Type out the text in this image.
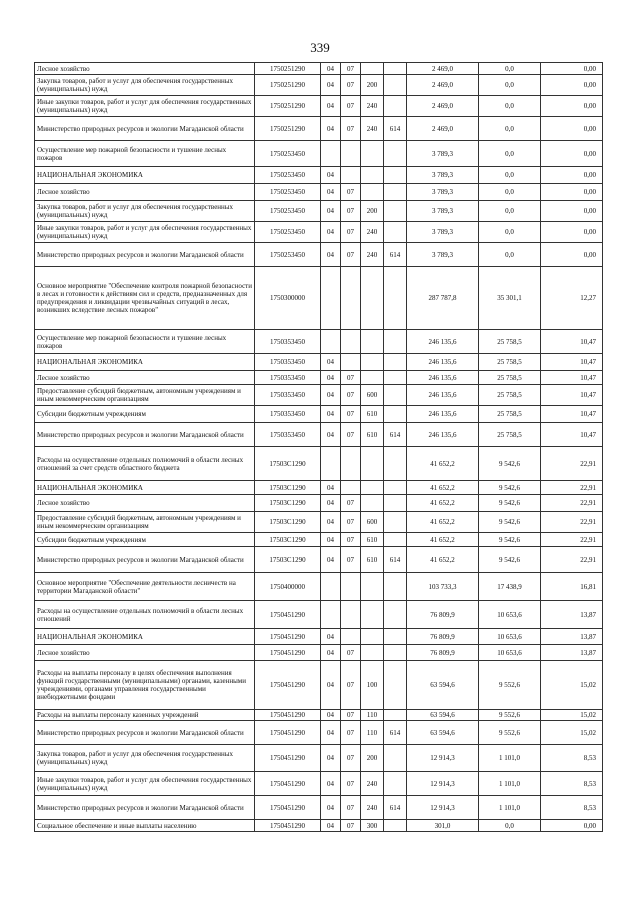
339
Лесное хозяйство	1750251290	04	07			2 469,0	0,0	0,00
Закупка товаров, работ и услуг для обеспечения государственных (муниципальных) нужд	1750251290	04	07	200		2 469,0	0,0	0,00
Иные закупки товаров, работ и услуг для обеспечения государственных (муниципальных) нужд	1750251290	04	07	240		2 469,0	0,0	0,00
Министерство природных ресурсов и экологии Магаданской области	1750251290	04	07	240	614	2 469,0	0,0	0,00
Осуществление мер пожарной безопасности и тушение лесных пожаров	1750253450					3 789,3	0,0	0,00
НАЦИОНАЛЬНАЯ ЭКОНОМИКА	1750253450	04				3 789,3	0,0	0,00
Лесное хозяйство	1750253450	04	07			3 789,3	0,0	0,00
Закупка товаров, работ и услуг для обеспечения государственных (муниципальных) нужд	1750253450	04	07	200		3 789,3	0,0	0,00
Иные закупки товаров, работ и услуг для обеспечения государственных (муниципальных) нужд	1750253450	04	07	240		3 789,3	0,0	0,00
Министерство природных ресурсов и экологии Магаданской области	1750253450	04	07	240	614	3 789,3	0,0	0,00
Основное мероприятие "Обеспечение контроля пожарной безопасности в лесах и готовности к действиям сил и средств, предназначенных для предупреждения и ликвидации чрезвычайных ситуаций в лесах, возникших вследствие лесных пожаров"	1750300000					287 787,8	35 301,1	12,27
Осуществление мер пожарной безопасности и тушение лесных пожаров	1750353450					246 135,6	25 758,5	10,47
НАЦИОНАЛЬНАЯ ЭКОНОМИКА	1750353450	04				246 135,6	25 758,5	10,47
Лесное хозяйство	1750353450	04	07			246 135,6	25 758,5	10,47
Предоставление субсидий бюджетным, автономным учреждениям и иным некоммерческим организациям	1750353450	04	07	600		246 135,6	25 758,5	10,47
Субсидии бюджетным учреждениям	1750353450	04	07	610		246 135,6	25 758,5	10,47
Министерство природных ресурсов и экологии Магаданской области	1750353450	04	07	610	614	246 135,6	25 758,5	10,47
Расходы на осуществление отдельных полномочий в области лесных отношений за счет средств областного бюджета	17503С1290					41 652,2	9 542,6	22,91
НАЦИОНАЛЬНАЯ ЭКОНОМИКА	17503С1290	04				41 652,2	9 542,6	22,91
Лесное хозяйство	17503С1290	04	07			41 652,2	9 542,6	22,91
Предоставление субсидий бюджетным, автономным учреждениям и иным некоммерческим организациям	17503С1290	04	07	600		41 652,2	9 542,6	22,91
Субсидии бюджетным учреждениям	17503С1290	04	07	610		41 652,2	9 542,6	22,91
Министерство природных ресурсов и экологии Магаданской области	17503С1290	04	07	610	614	41 652,2	9 542,6	22,91
Основное мероприятие "Обеспечение деятельности лесничеств на территории Магаданской области"	1750400000					103 733,3	17 438,9	16,81
Расходы на осуществление отдельных полномочий в области лесных отношений	1750451290					76 809,9	10 653,6	13,87
НАЦИОНАЛЬНАЯ ЭКОНОМИКА	1750451290	04				76 809,9	10 653,6	13,87
Лесное хозяйство	1750451290	04	07			76 809,9	10 653,6	13,87
Расходы на выплаты персоналу в целях обеспечения выполнения функций государственными (муниципальными) органами, казенными учреждениями, органами управления государственными внебюджетными фондами	1750451290	04	07	100		63 594,6	9 552,6	15,02
Расходы на выплаты персоналу казенных учреждений	1750451290	04	07	110		63 594,6	9 552,6	15,02
Министерство природных ресурсов и экологии Магаданской области	1750451290	04	07	110	614	63 594,6	9 552,6	15,02
Закупка товаров, работ и услуг для обеспечения государственных (муниципальных) нужд	1750451290	04	07	200		12 914,3	1 101,0	8,53
Иные закупки товаров, работ и услуг для обеспечения государственных (муниципальных) нужд	1750451290	04	07	240		12 914,3	1 101,0	8,53
Министерство природных ресурсов и экологии Магаданской области	1750451290	04	07	240	614	12 914,3	1 101,0	8,53
Социальное обеспечение и иные выплаты населению	1750451290	04	07	300		301,0	0,0	0,00
